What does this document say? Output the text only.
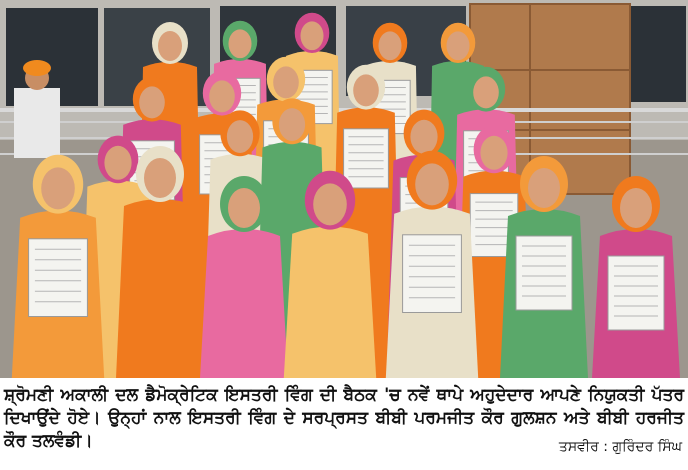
ਸ਼੍ਰੋਮਣੀ ਅਕਾਲੀ ਦਲ ਡੈਮੋਕ੍ਰੇਟਿਕ ਇਸਤਰੀ ਵਿੰਗ ਦੀ ਬੈਠਕ 'ਚ ਨਵੇਂ ਥਾਪੇ ਅਹੁਦੇਦਾਰ ਆਪਣੇ ਨਿਯੁਕਤੀ ਪੱਤਰ ਦਿਖਾਉਂਦੇ ਹੋਏ। ਉਨ੍ਹਾਂ ਨਾਲ ਇਸਤਰੀ ਵਿੰਗ ਦੇ ਸਰਪ੍ਰਸਤ ਬੀਬੀ ਪਰਮਜੀਤ ਕੌਰ ਗੁਲਸ਼ਨ ਅਤੇ ਬੀਬੀ ਹਰਜੀਤ ਕੌਰ ਤਲਵੰਡੀ।	ਤਸਵੀਰ : ਗੁਰਿੰਦਰ ਸਿੰਘ
